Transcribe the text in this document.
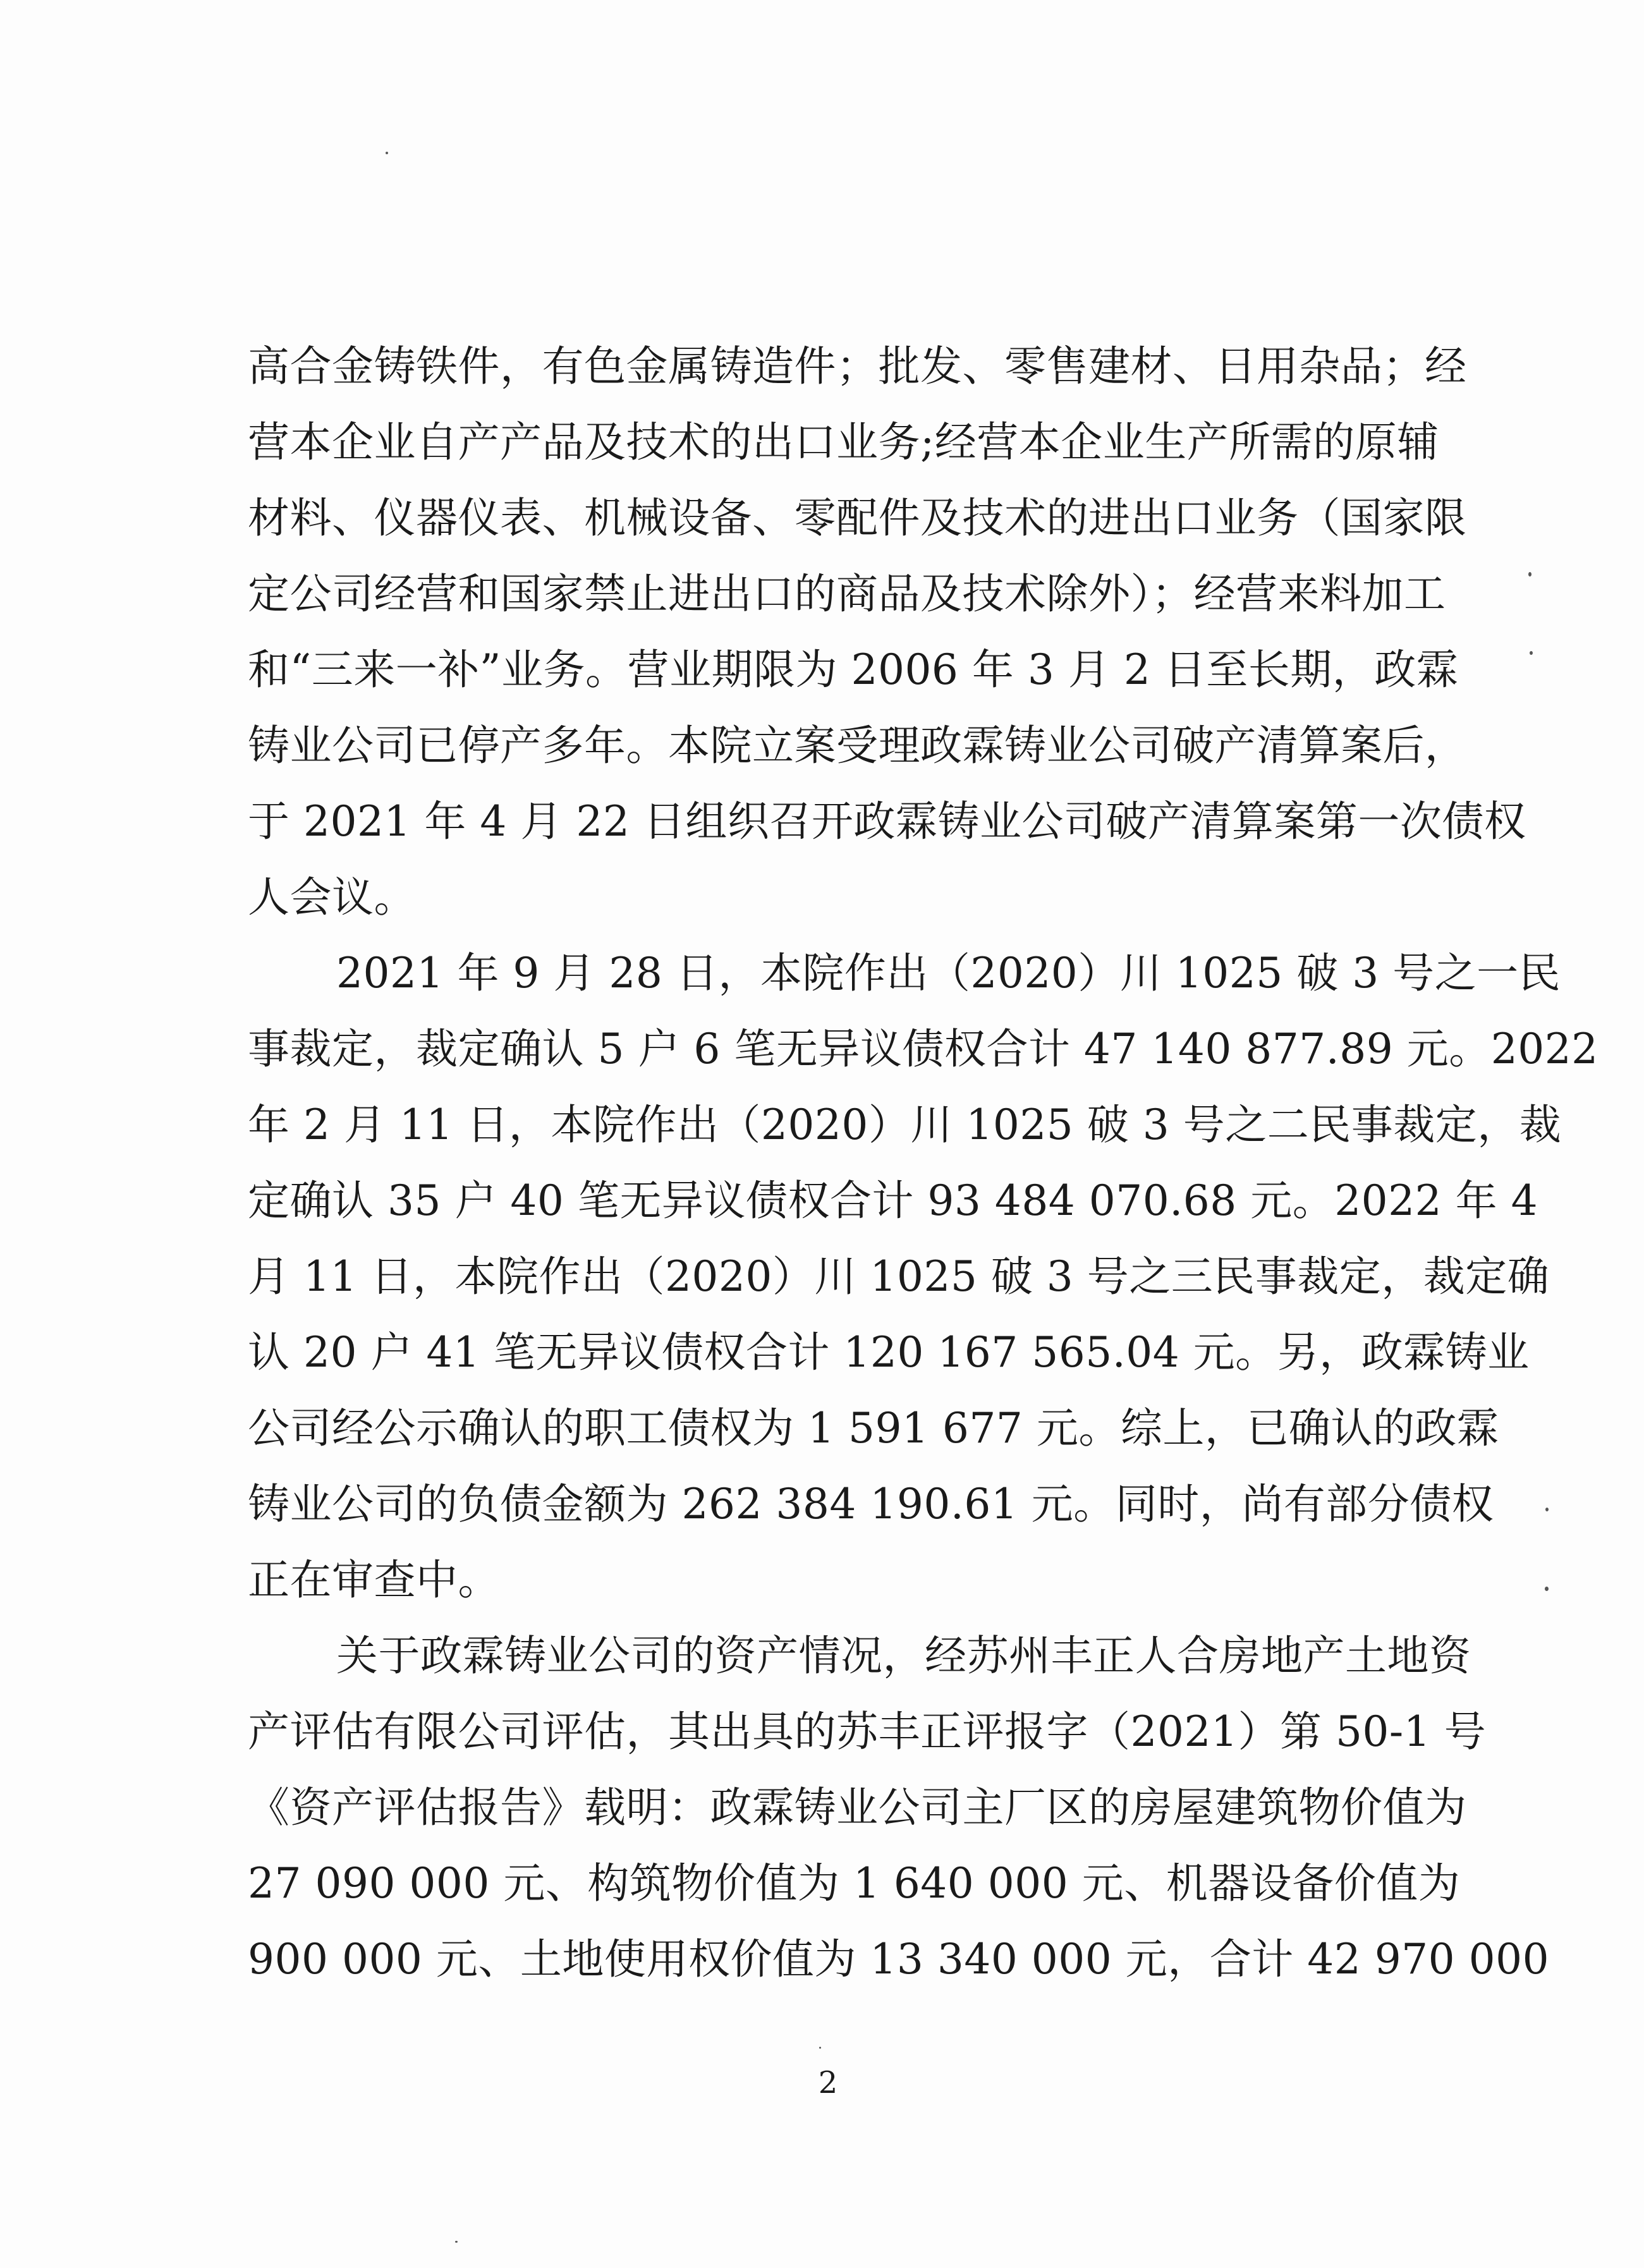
高合金铸铁件，有色金属铸造件；批发、零售建材、日用杂品；经
营本企业自产产品及技术的出口业务;经营本企业生产所需的原辅
材料、仪器仪表、机械设备、零配件及技术的进出口业务（国家限
定公司经营和国家禁止进出口的商品及技术除外）；经营来料加工
和“三来一补”业务。营业期限为 2006 年 3 月 2 日至长期，政霖
铸业公司已停产多年。本院立案受理政霖铸业公司破产清算案后，
于 2021 年 4 月 22 日组织召开政霖铸业公司破产清算案第一次债权
人会议。
2021 年 9 月 28 日，本院作出（2020）川 1025 破 3 号之一民
事裁定，裁定确认 5 户 6 笔无异议债权合计 47 140 877.89 元。2022
年 2 月 11 日，本院作出（2020）川 1025 破 3 号之二民事裁定，裁
定确认 35 户 40 笔无异议债权合计 93 484 070.68 元。2022 年 4
月 11 日，本院作出（2020）川 1025 破 3 号之三民事裁定，裁定确
认 20 户 41 笔无异议债权合计 120 167 565.04 元。另，政霖铸业
公司经公示确认的职工债权为 1 591 677 元。综上，已确认的政霖
铸业公司的负债金额为 262 384 190.61 元。同时，尚有部分债权
正在审查中。
关于政霖铸业公司的资产情况，经苏州丰正人合房地产土地资
产评估有限公司评估，其出具的苏丰正评报字（2021）第 50-1 号
《资产评估报告》载明：政霖铸业公司主厂区的房屋建筑物价值为
27 090 000 元、构筑物价值为 1 640 000 元、机器设备价值为
900 000 元、土地使用权价值为 13 340 000 元，合计 42 970 000
2
